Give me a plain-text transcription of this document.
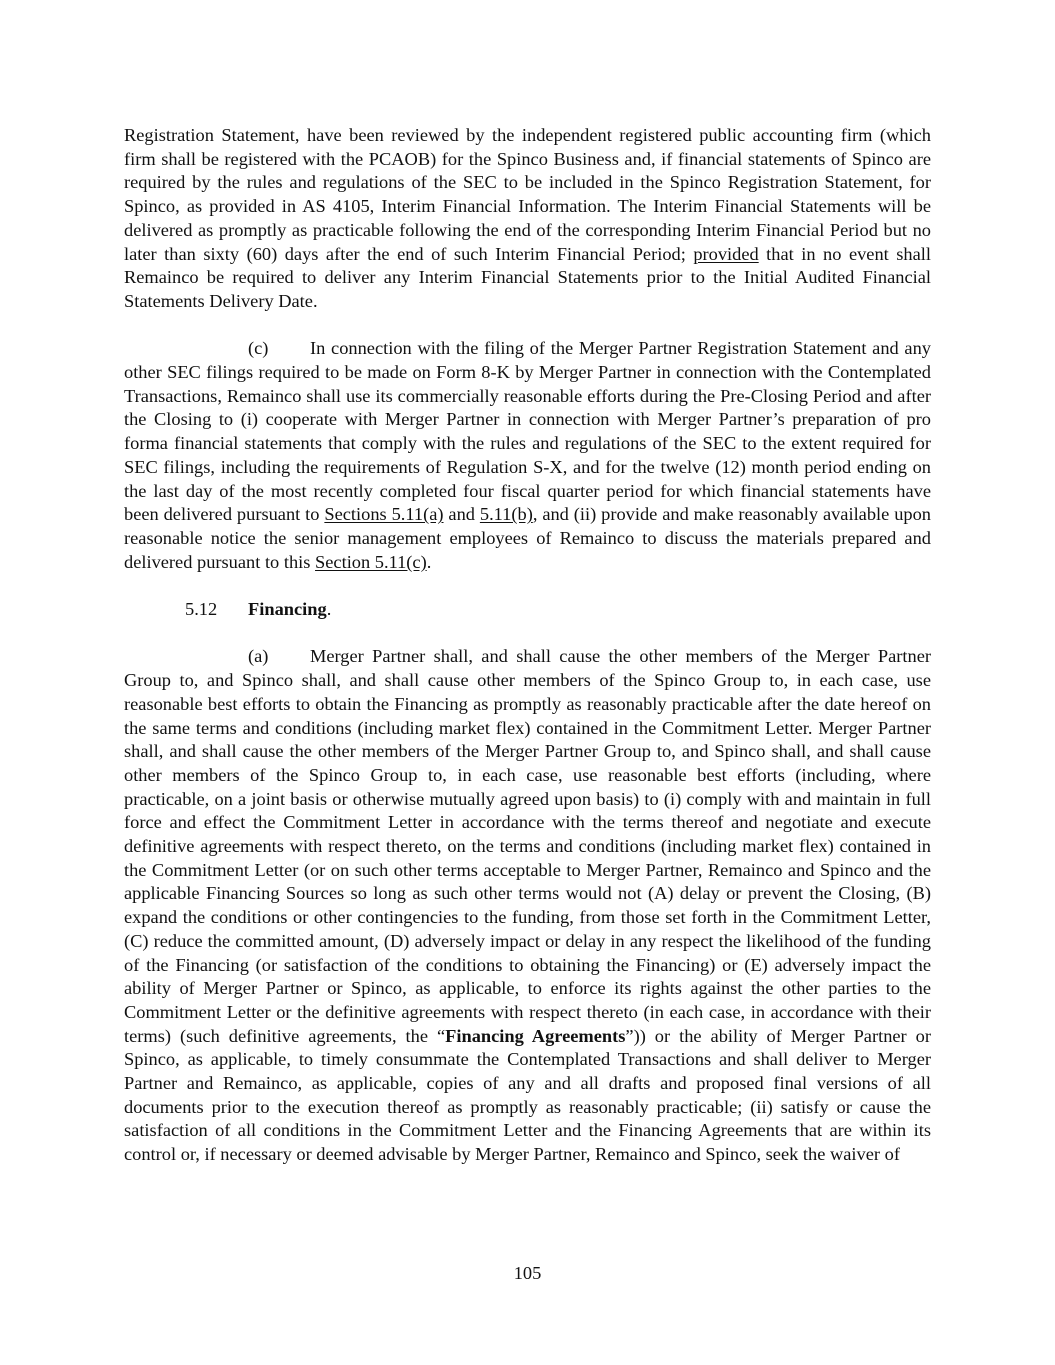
Registration Statement, have been reviewed by the independent registered public accounting firm (which firm shall be registered with the PCAOB) for the Spinco Business and, if financial statements of Spinco are required by the rules and regulations of the SEC to be included in the Spinco Registration Statement, for Spinco, as provided in AS 4105, Interim Financial Information. The Interim Financial Statements will be delivered as promptly as practicable following the end of the corresponding Interim Financial Period but no later than sixty (60) days after the end of such Interim Financial Period; provided that in no event shall Remainco be required to deliver any Interim Financial Statements prior to the Initial Audited Financial Statements Delivery Date.

(c) In connection with the filing of the Merger Partner Registration Statement and any other SEC filings required to be made on Form 8-K by Merger Partner in connection with the Contemplated Transactions, Remainco shall use its commercially reasonable efforts during the Pre-Closing Period and after the Closing to (i) cooperate with Merger Partner in connection with Merger Partner’s preparation of pro forma financial statements that comply with the rules and regulations of the SEC to the extent required for SEC filings, including the requirements of Regulation S-X, and for the twelve (12) month period ending on the last day of the most recently completed four fiscal quarter period for which financial statements have been delivered pursuant to Sections 5.11(a) and 5.11(b), and (ii) provide and make reasonably available upon reasonable notice the senior management employees of Remainco to discuss the materials prepared and delivered pursuant to this Section 5.11(c).

5.12 Financing.

(a) Merger Partner shall, and shall cause the other members of the Merger Partner Group to, and Spinco shall, and shall cause other members of the Spinco Group to, in each case, use reasonable best efforts to obtain the Financing as promptly as reasonably practicable after the date hereof on the same terms and conditions (including market flex) contained in the Commitment Letter. Merger Partner shall, and shall cause the other members of the Merger Partner Group to, and Spinco shall, and shall cause other members of the Spinco Group to, in each case, use reasonable best efforts (including, where practicable, on a joint basis or otherwise mutually agreed upon basis) to (i) comply with and maintain in full force and effect the Commitment Letter in accordance with the terms thereof and negotiate and execute definitive agreements with respect thereto, on the terms and conditions (including market flex) contained in the Commitment Letter (or on such other terms acceptable to Merger Partner, Remainco and Spinco and the applicable Financing Sources so long as such other terms would not (A) delay or prevent the Closing, (B) expand the conditions or other contingencies to the funding, from those set forth in the Commitment Letter, (C) reduce the committed amount, (D) adversely impact or delay in any respect the likelihood of the funding of the Financing (or satisfaction of the conditions to obtaining the Financing) or (E) adversely impact the ability of Merger Partner or Spinco, as applicable, to enforce its rights against the other parties to the Commitment Letter or the definitive agreements with respect thereto (in each case, in accordance with their terms) (such definitive agreements, the “Financing Agreements”)) or the ability of Merger Partner or Spinco, as applicable, to timely consummate the Contemplated Transactions and shall deliver to Merger Partner and Remainco, as applicable, copies of any and all drafts and proposed final versions of all documents prior to the execution thereof as promptly as reasonably practicable; (ii) satisfy or cause the satisfaction of all conditions in the Commitment Letter and the Financing Agreements that are within its control or, if necessary or deemed advisable by Merger Partner, Remainco and Spinco, seek the waiver of

105
